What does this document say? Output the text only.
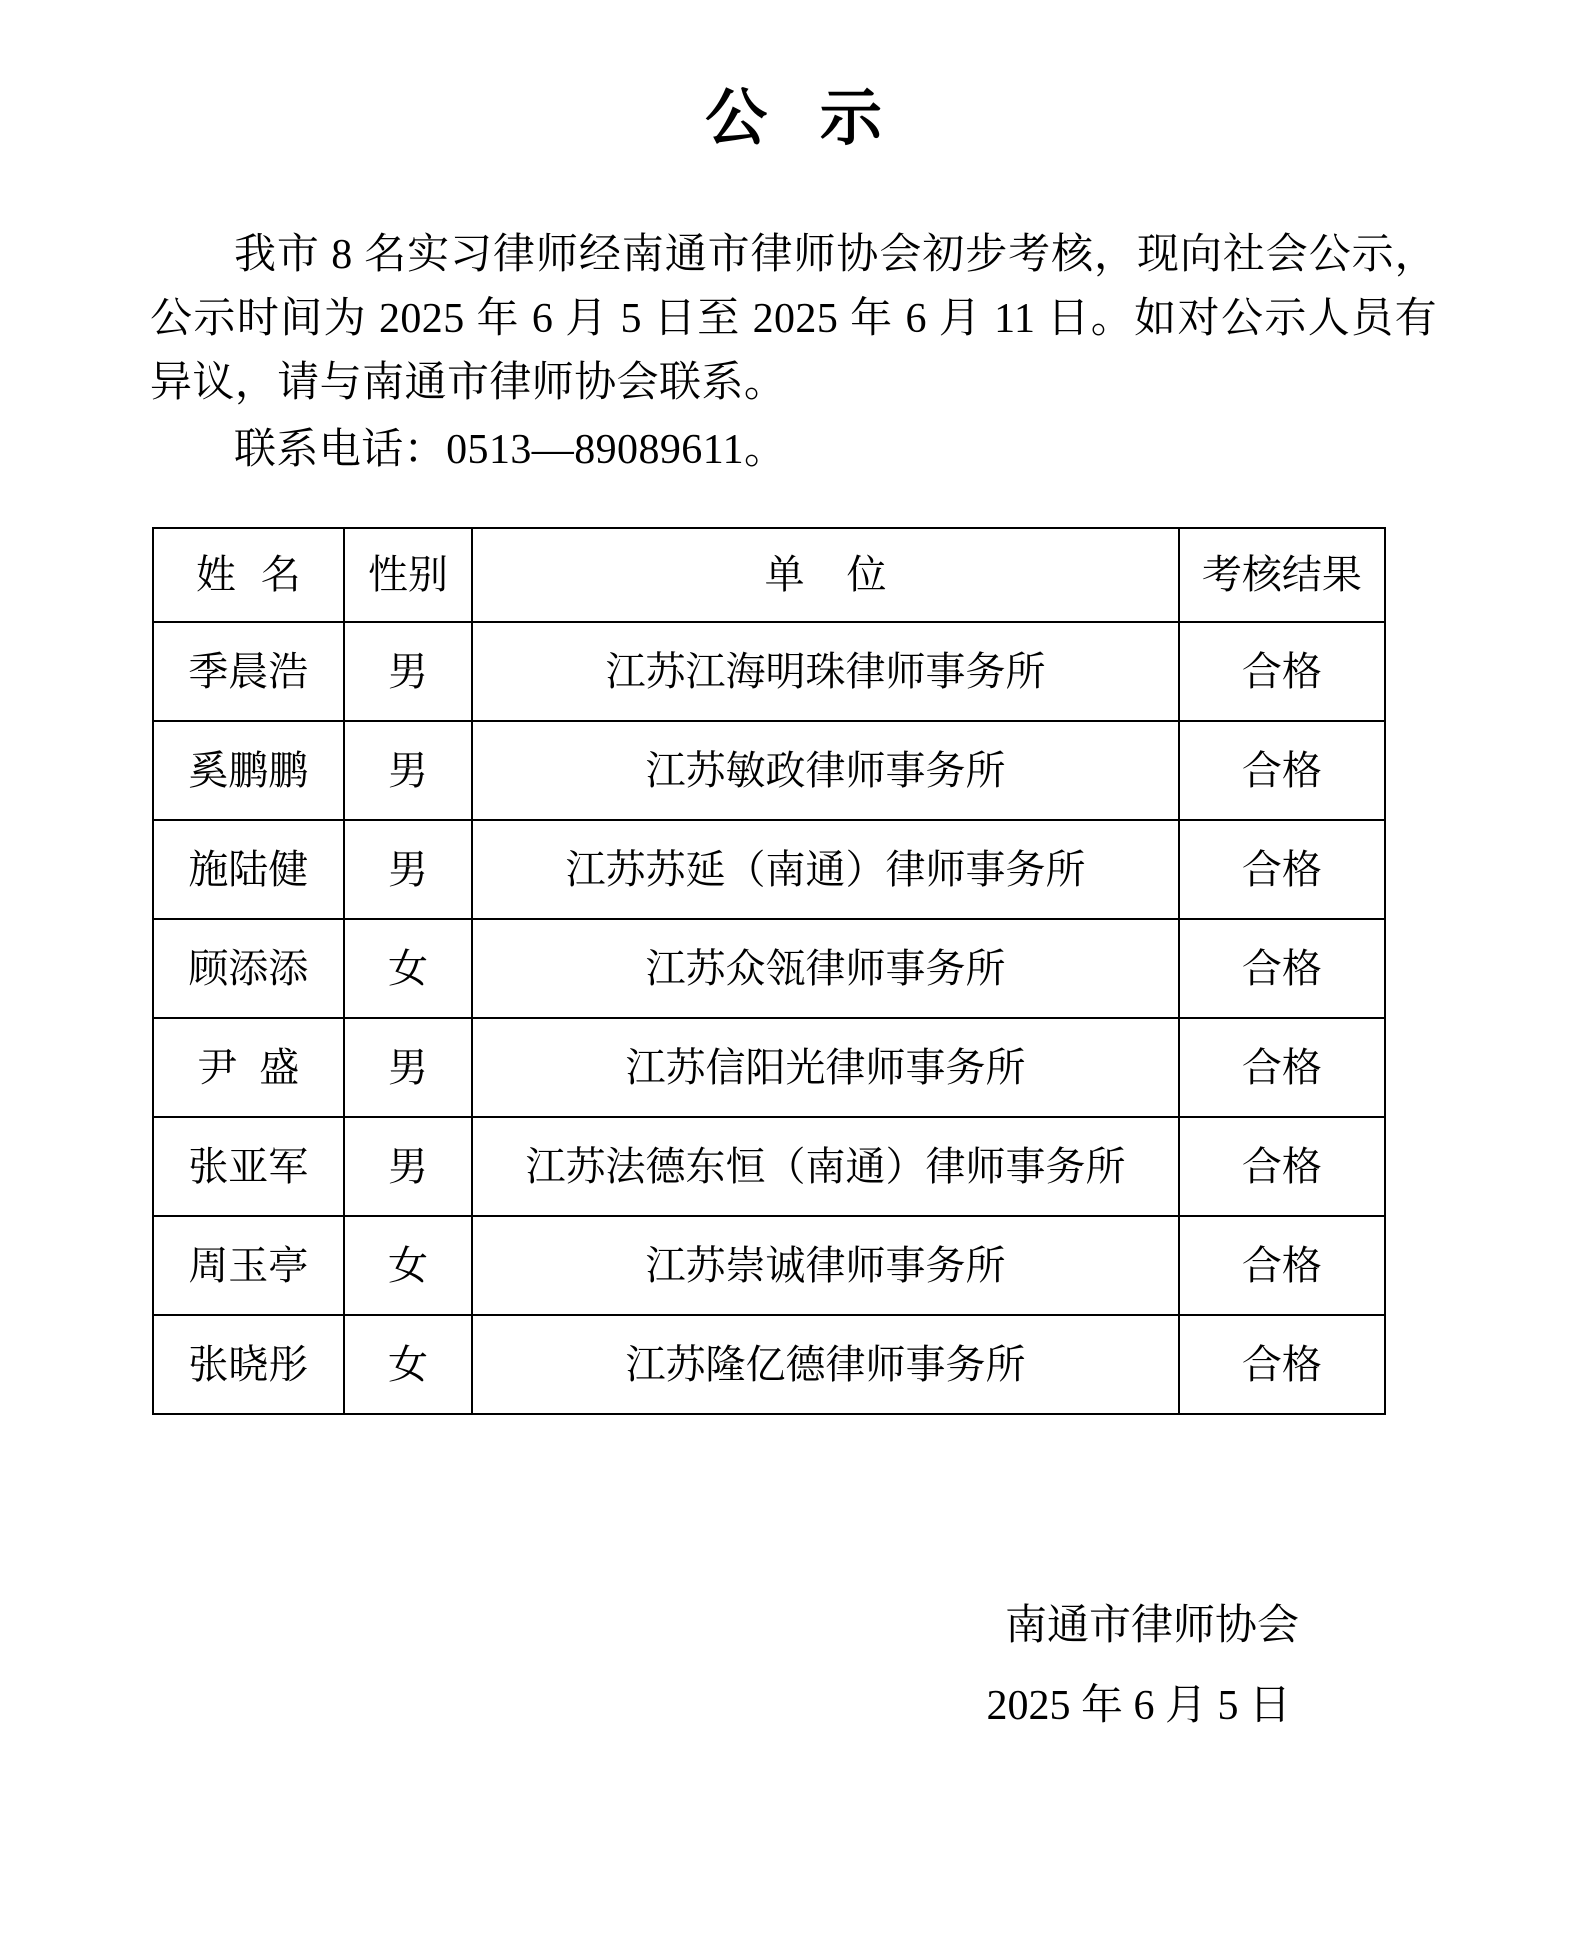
公 示

我市 8 名实习律师经南通市律师协会初步考核，现向社会公示，公示时间为 2025 年 6 月 5 日至 2025 年 6 月 11 日。如对公示人员有异议，请与南通市律师协会联系。

联系电话：0513—89089611。

姓名	性别	单位	考核结果
季晨浩	男	江苏江海明珠律师事务所	合格
奚鹏鹏	男	江苏敏政律师事务所	合格
施陆健	男	江苏苏延（南通）律师事务所	合格
顾添添	女	江苏众瓴律师事务所	合格
尹盛	男	江苏信阳光律师事务所	合格
张亚军	男	江苏法德东恒（南通）律师事务所	合格
周玉亭	女	江苏崇诚律师事务所	合格
张晓彤	女	江苏隆亿德律师事务所	合格

南通市律师协会

2025 年 6 月 5 日
